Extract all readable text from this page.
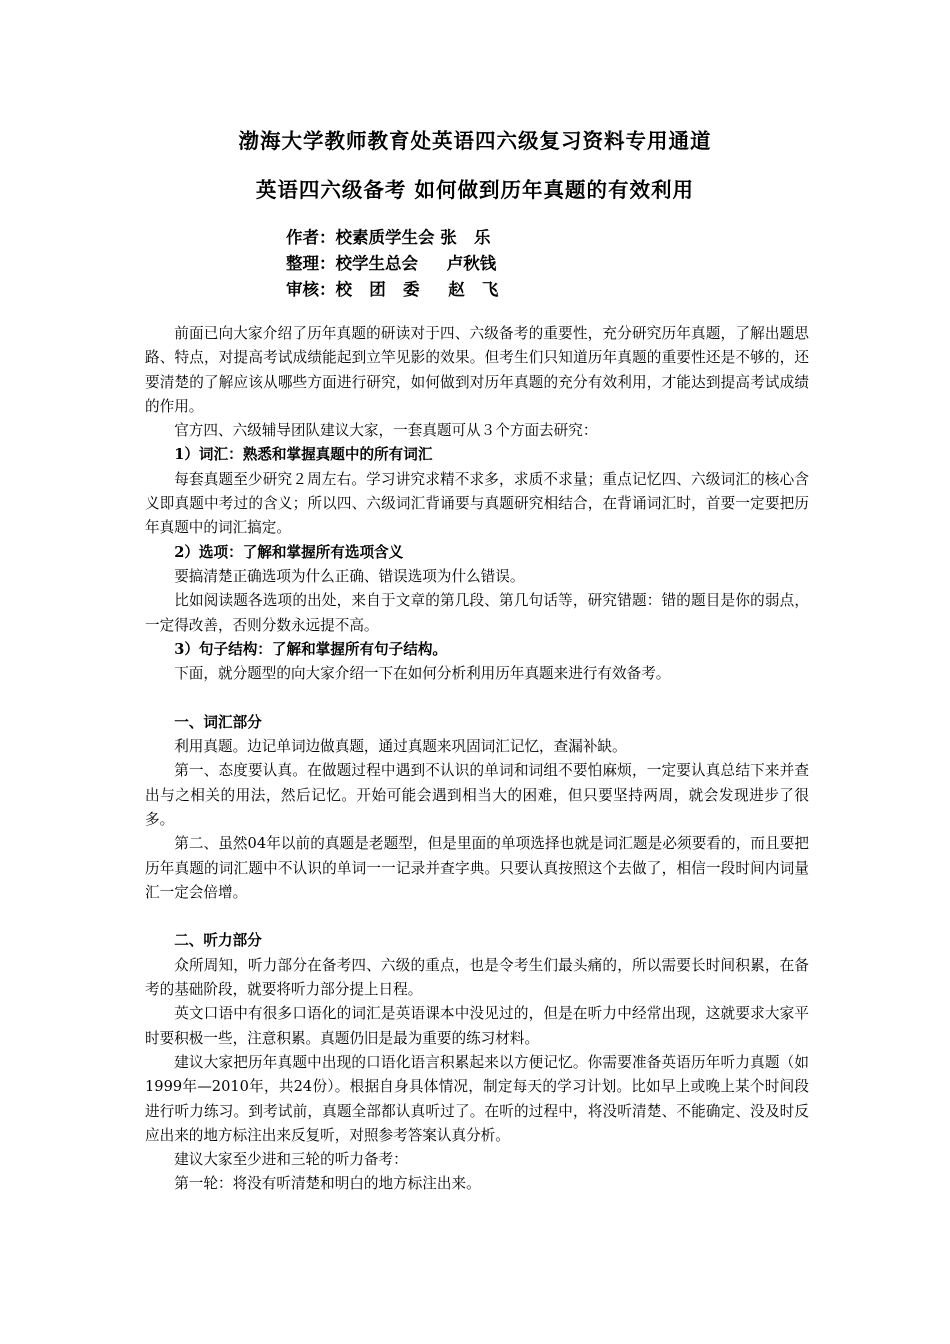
渤海大学教师教育处英语四六级复习资料专用通道
英语四六级备考 如何做到历年真题的有效利用
作者：校素质学生会 张   乐
整理：校学生总会     卢秋钱
审核：校   团   委     赵   飞

前面已向大家介绍了历年真题的研读对于四、六级备考的重要性，充分研究历年真题，了解出题思路、特点，对提高考试成绩能起到立竿见影的效果。但考生们只知道历年真题的重要性还是不够的，还要清楚的了解应该从哪些方面进行研究，如何做到对历年真题的充分有效利用，才能达到提高考试成绩的作用。

官方四、六级辅导团队建议大家，一套真题可从３个方面去研究：

1）词汇：熟悉和掌握真题中的所有词汇

每套真题至少研究２周左右。学习讲究求精不求多，求质不求量；重点记忆四、六级词汇的核心含义即真题中考过的含义；所以四、六级词汇背诵要与真题研究相结合，在背诵词汇时，首要一定要把历年真题中的词汇搞定。

2）选项：了解和掌握所有选项含义

要搞清楚正确选项为什么正确、错误选项为什么错误。

比如阅读题各选项的出处，来自于文章的第几段、第几句话等，研究错题：错的题目是你的弱点，一定得改善，否则分数永远提不高。

3）句子结构：了解和掌握所有句子结构。

下面，就分题型的向大家介绍一下在如何分析利用历年真题来进行有效备考。

一、词汇部分

利用真题。边记单词边做真题，通过真题来巩固词汇记忆，查漏补缺。

第一、态度要认真。在做题过程中遇到不认识的单词和词组不要怕麻烦，一定要认真总结下来并查出与之相关的用法，然后记忆。开始可能会遇到相当大的困难，但只要坚持两周，就会发现进步了很多。

第二、虽然04年以前的真题是老题型，但是里面的单项选择也就是词汇题是必须要看的，而且要把历年真题的词汇题中不认识的单词一一记录并查字典。只要认真按照这个去做了，相信一段时间内词量汇一定会倍增。

二、听力部分

众所周知，听力部分在备考四、六级的重点，也是令考生们最头痛的，所以需要长时间积累，在备考的基础阶段，就要将听力部分提上日程。

英文口语中有很多口语化的词汇是英语课本中没见过的，但是在听力中经常出现，这就要求大家平时要积极一些，注意积累。真题仍旧是最为重要的练习材料。

建议大家把历年真题中出现的口语化语言积累起来以方便记忆。你需要准备英语历年听力真题（如1999年—2010年，共24份）。根据自身具体情况，制定每天的学习计划。比如早上或晚上某个时间段进行听力练习。到考试前，真题全部都认真听过了。在听的过程中，将没听清楚、不能确定、没及时反应出来的地方标注出来反复听，对照参考答案认真分析。

建议大家至少进和三轮的听力备考：

第一轮：将没有听清楚和明白的地方标注出来。
